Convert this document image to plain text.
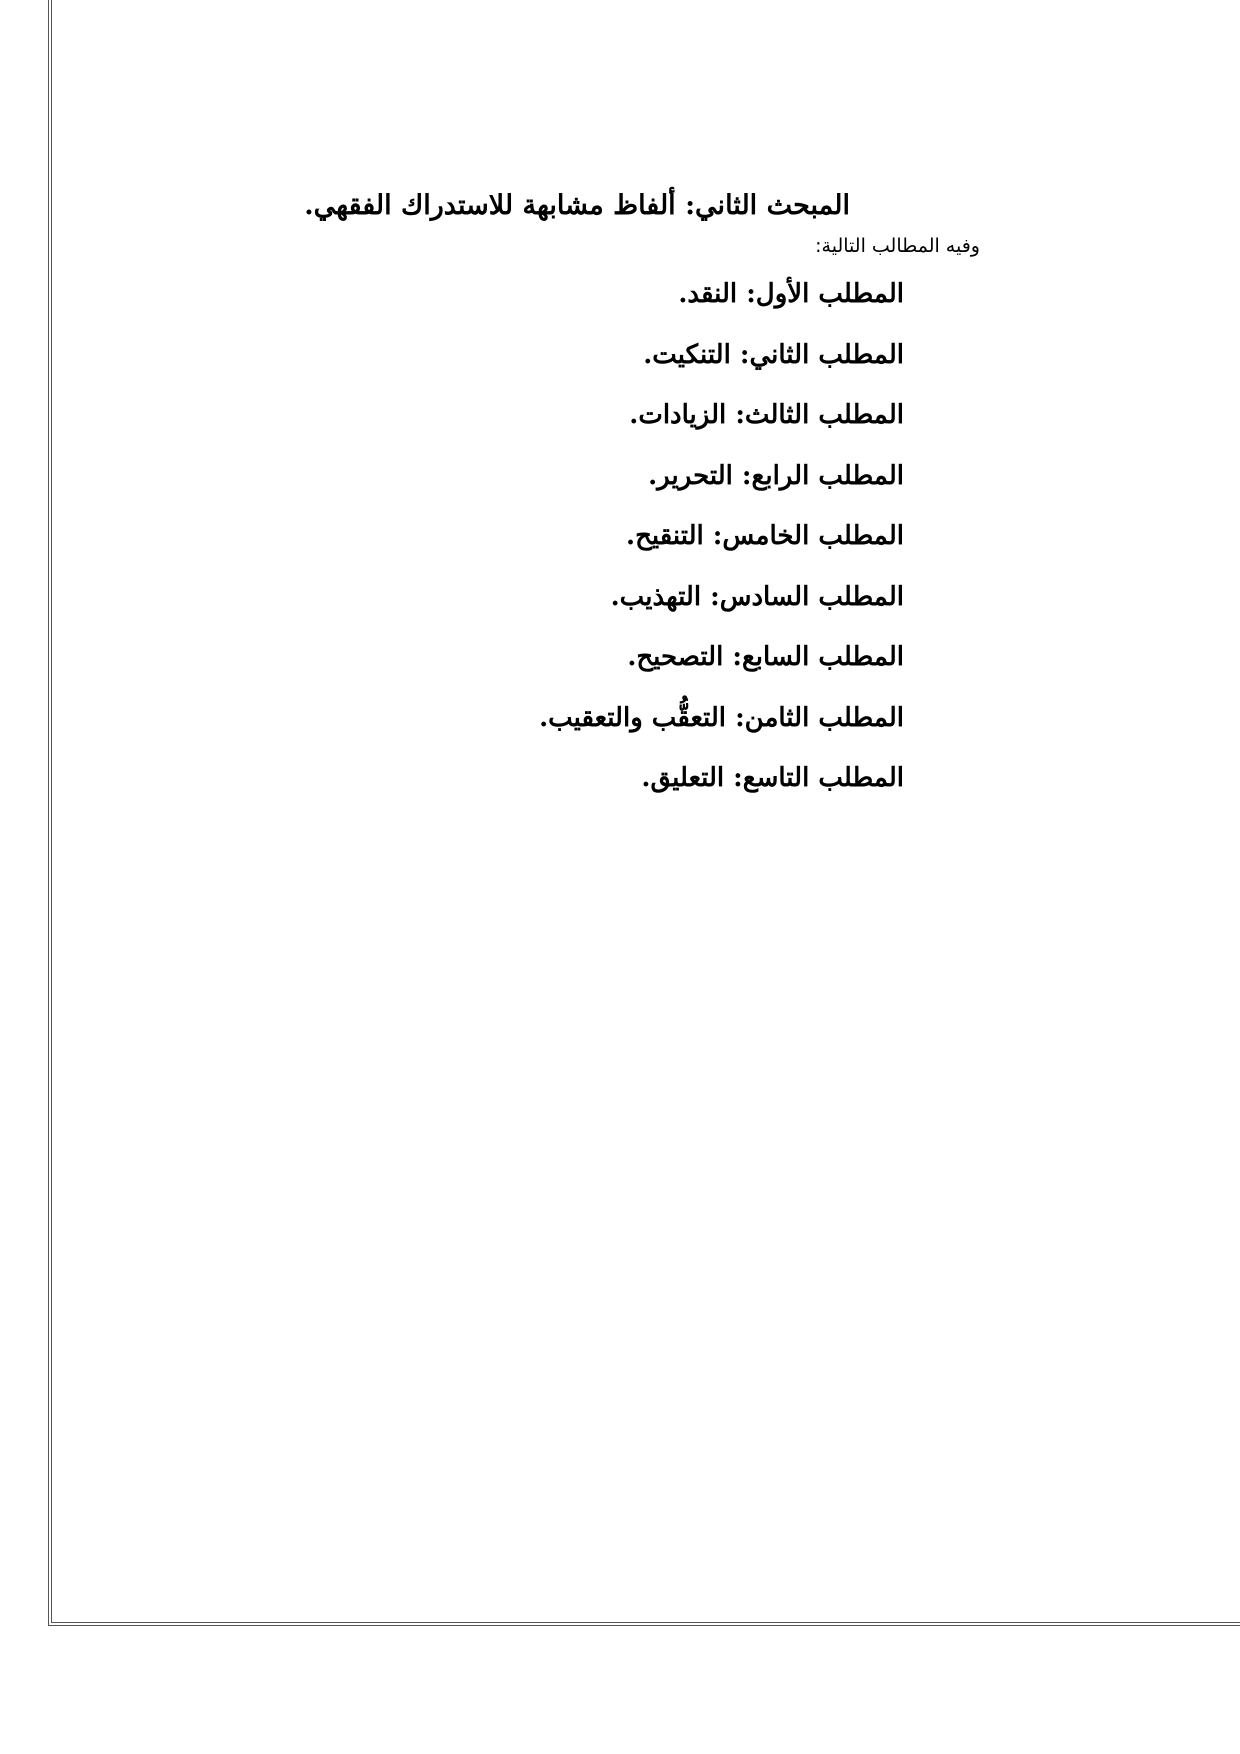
المبحث الثاني: ألفاظ مشابهة للاستدراك الفقهي.

وفيه المطالب التالية:

المطلب الأول: النقد.
المطلب الثاني: التنكيت.
المطلب الثالث: الزيادات.
المطلب الرابع: التحرير.
المطلب الخامس: التنقيح.
المطلب السادس: التهذيب.
المطلب السابع: التصحيح.
المطلب الثامن: التعقُّب والتعقيب.
المطلب التاسع: التعليق.
